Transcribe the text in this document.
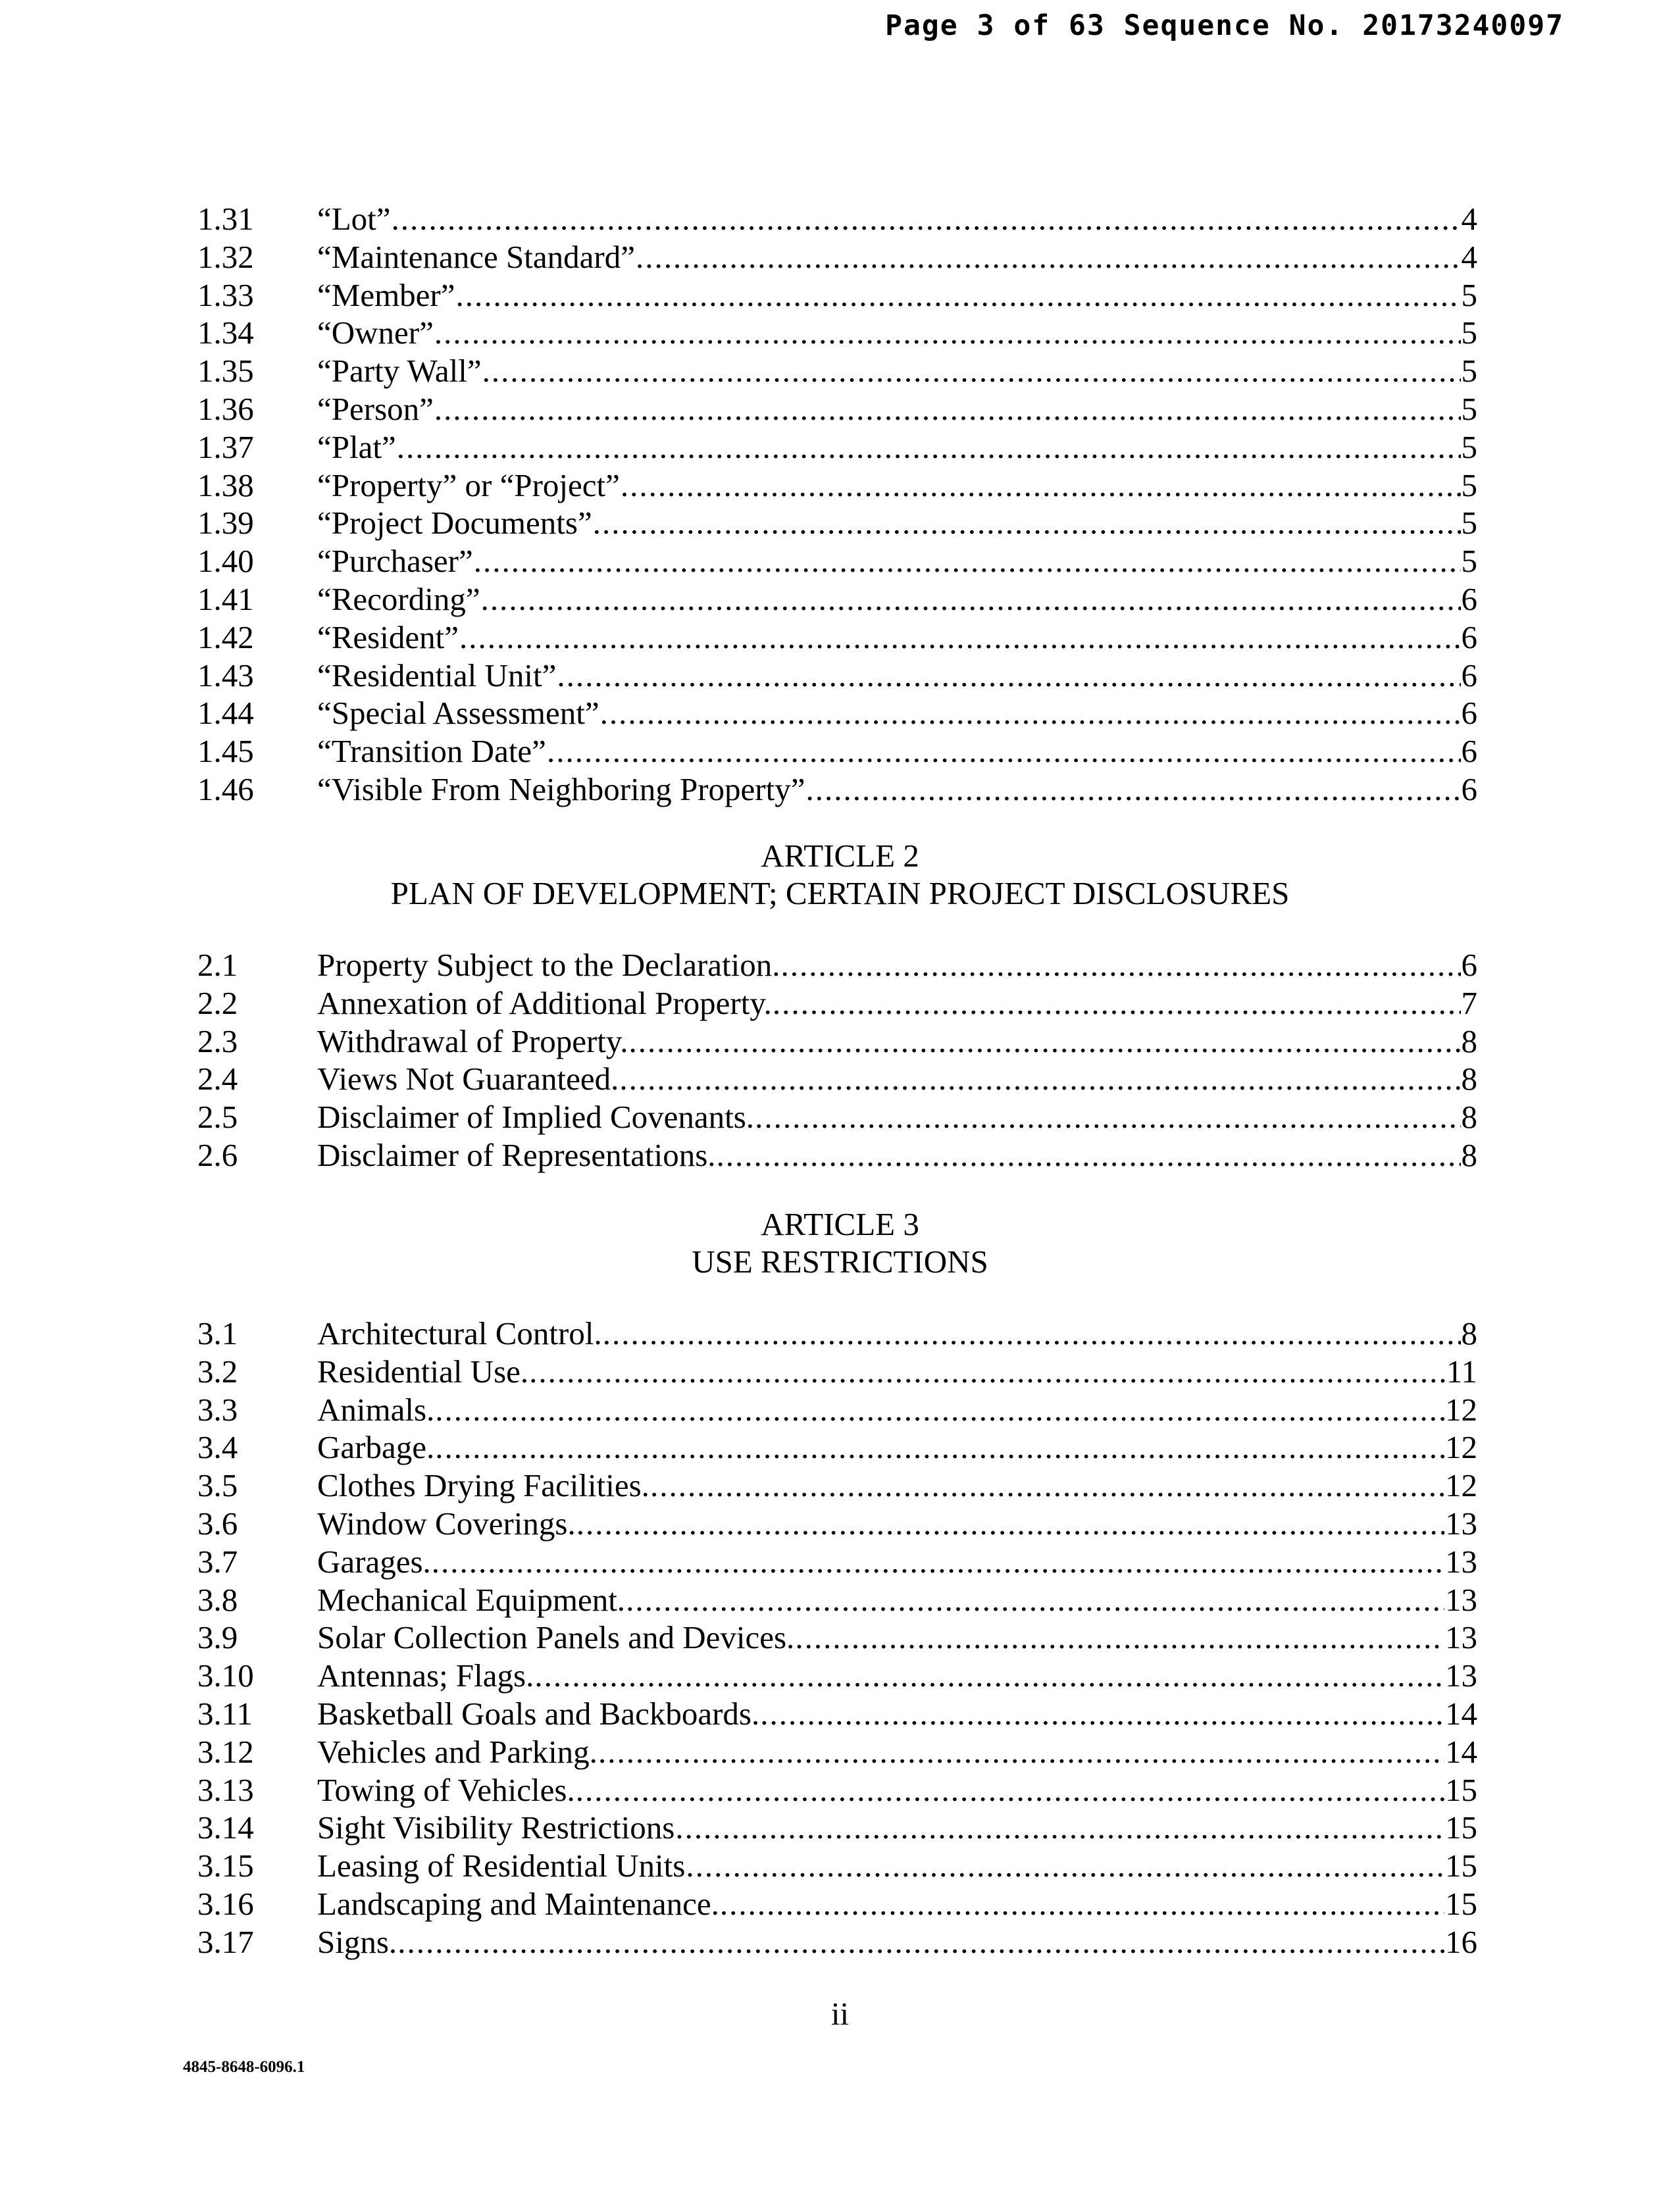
Page 3 of 63 Sequence No. 20173240097
1.31	“Lot” .....	4
1.32	“Maintenance Standard” .....	4
1.33	“Member” .....	5
1.34	“Owner” .....	5
1.35	“Party Wall” .....	5
1.36	“Person” .....	5
1.37	“Plat” .....	5
1.38	“Property” or “Project” .....	5
1.39	“Project Documents” .....	5
1.40	“Purchaser” .....	5
1.41	“Recording” .....	6
1.42	“Resident” .....	6
1.43	“Residential Unit” .....	6
1.44	“Special Assessment” .....	6
1.45	“Transition Date” .....	6
1.46	“Visible From Neighboring Property” .....	6
ARTICLE 2
PLAN OF DEVELOPMENT; CERTAIN PROJECT DISCLOSURES
2.1	Property Subject to the Declaration. .....	6
2.2	Annexation of Additional Property. .....	7
2.3	Withdrawal of Property. .....	8
2.4	Views Not Guaranteed. .....	8
2.5	Disclaimer of Implied Covenants. .....	8
2.6	Disclaimer of Representations. .....	8
ARTICLE 3
USE RESTRICTIONS
3.1	Architectural Control. .....	8
3.2	Residential Use. .....	11
3.3	Animals. .....	12
3.4	Garbage. .....	12
3.5	Clothes Drying Facilities. .....	12
3.6	Window Coverings. .....	13
3.7	Garages. .....	13
3.8	Mechanical Equipment. .....	13
3.9	Solar Collection Panels and Devices. .....	13
3.10	Antennas; Flags. .....	13
3.11	Basketball Goals and Backboards. .....	14
3.12	Vehicles and Parking. .....	14
3.13	Towing of Vehicles. .....	15
3.14	Sight Visibility Restrictions .....	15
3.15	Leasing of Residential Units .....	15
3.16	Landscaping and Maintenance. .....	15
3.17	Signs. .....	16
ii
4845-8648-6096.1
